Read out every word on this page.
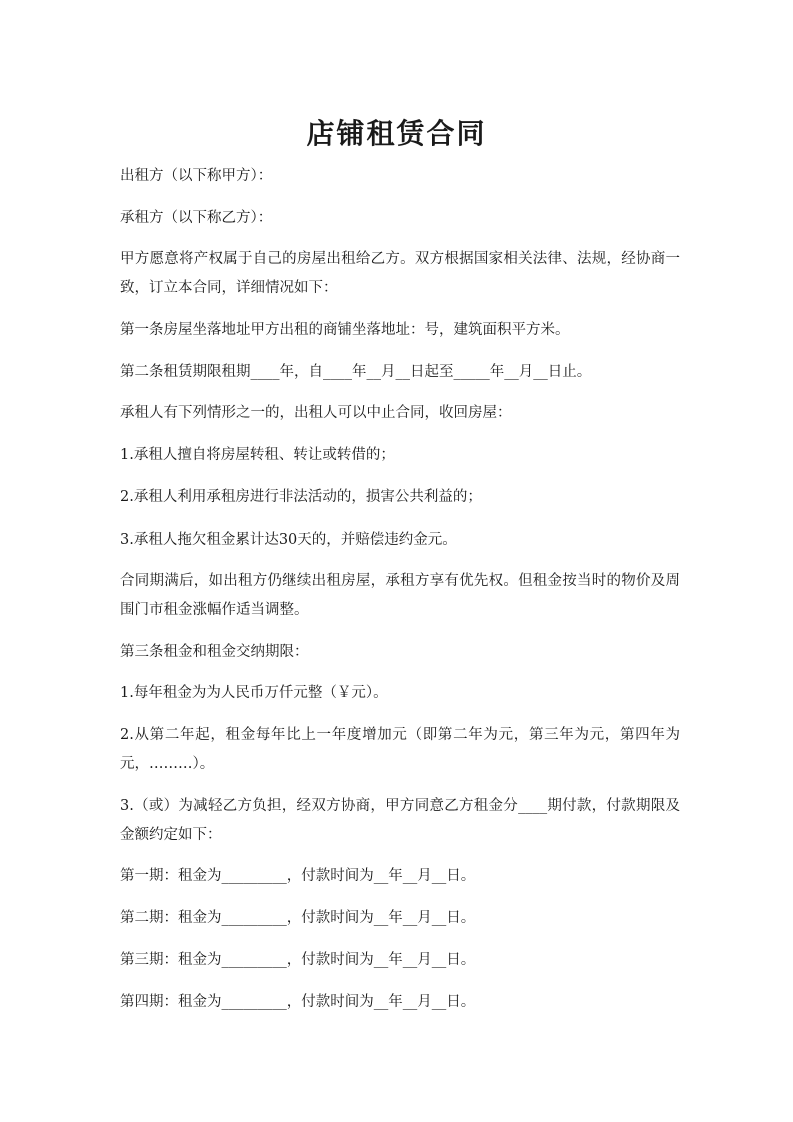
店铺租赁合同

出租方（以下称甲方）：

承租方（以下称乙方）：

甲方愿意将产权属于自己的房屋出租给乙方。双方根据国家相关法律、法规，经协商一致，订立本合同，详细情况如下：

第一条房屋坐落地址甲方出租的商铺坐落地址：号，建筑面积平方米。

第二条租赁期限租期____年，自____年__月__日起至_____年__月__日止。

承租人有下列情形之一的，出租人可以中止合同，收回房屋：

1.承租人擅自将房屋转租、转让或转借的；

2.承租人利用承租房进行非法活动的，损害公共利益的；

3.承租人拖欠租金累计达30天的，并赔偿违约金元。

合同期满后，如出租方仍继续出租房屋，承租方享有优先权。但租金按当时的物价及周围门市租金涨幅作适当调整。

第三条租金和租金交纳期限：

1.每年租金为为人民币万仟元整（￥元）。

2.从第二年起，租金每年比上一年度增加元（即第二年为元，第三年为元，第四年为元，………）。

3.（或）为减轻乙方负担，经双方协商，甲方同意乙方租金分____期付款，付款期限及金额约定如下：

第一期：租金为_________，付款时间为__年__月__日。

第二期：租金为_________，付款时间为__年__月__日。

第三期：租金为_________，付款时间为__年__月__日。

第四期：租金为_________，付款时间为__年__月__日。
